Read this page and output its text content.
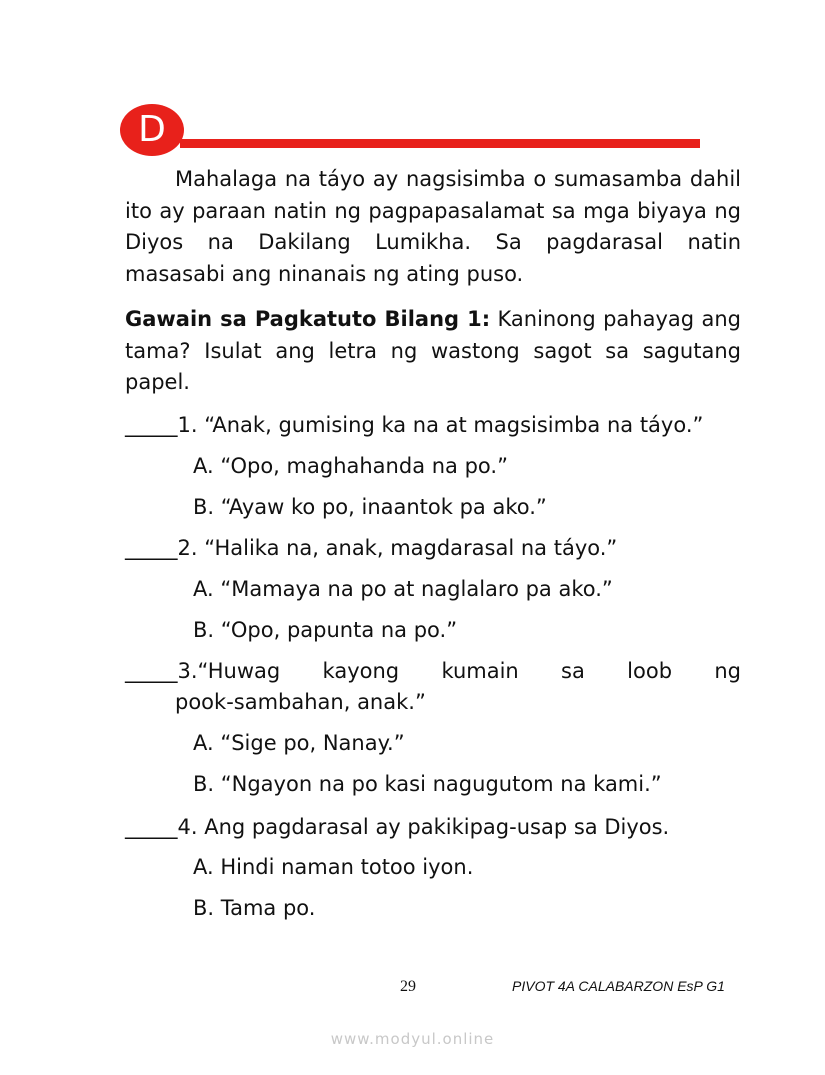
D

Mahalaga na táyo ay nagsisimba o sumasamba dahil ito ay paraan natin ng pagpapasalamat sa mga biyaya ng Diyos na Dakilang Lumikha. Sa pagdarasal natin masasabi ang ninanais ng ating puso.

Gawain sa Pagkatuto Bilang 1: Kaninong pahayag ang tama? Isulat ang letra ng wastong sagot sa sagutang papel.

_____1. “Anak, gumising ka na at magsisimba na táyo.”

A. “Opo, maghahanda na po.”

B. “Ayaw ko po, inaantok pa ako.”

_____2. “Halika na, anak, magdarasal na táyo.”

A. “Mamaya na po at naglalaro pa ako.”

B. “Opo, papunta na po.”

_____3.“Huwag kayong kumain sa loob ng

pook-sambahan, anak.”

A. “Sige po, Nanay.”

B. “Ngayon na po kasi nagugutom na kami.”

_____4. Ang pagdarasal ay pakikipag-usap sa Diyos.

A. Hindi naman totoo iyon.

B. Tama po.

29	PIVOT 4A CALABARZON EsP G1
www.modyul.online
